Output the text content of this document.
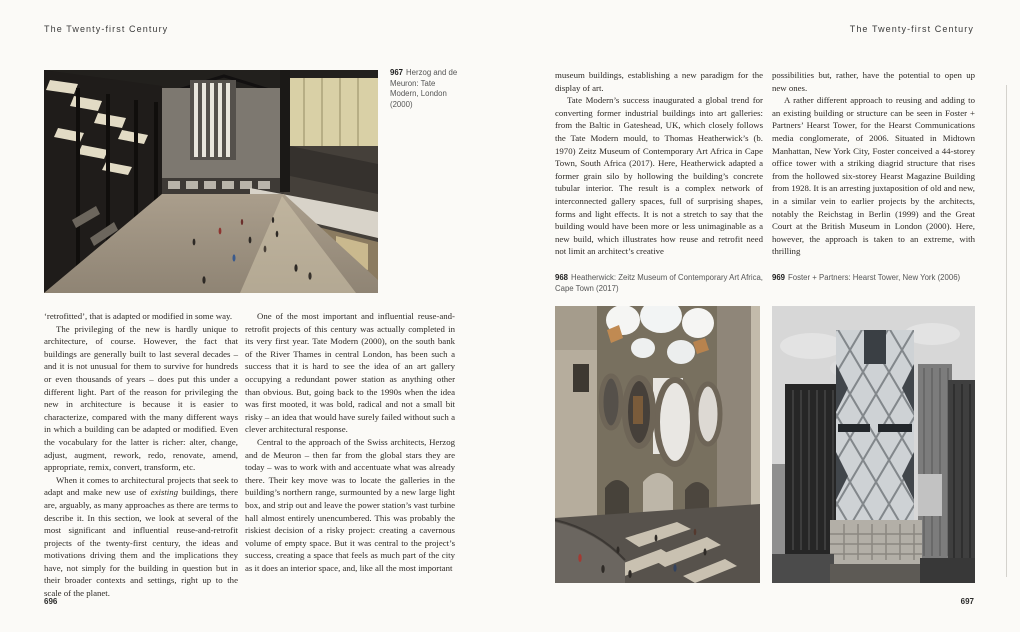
The Twenty-first Century	The Twenty-first Century
967 Herzog and de Meuron: Tate Modern, London (2000)

‘retrofitted’, that is adapted or modified in some way.

The privileging of the new is hardly unique to architecture, of course. However, the fact that buildings are generally built to last several decades – and it is not unusual for them to survive for hundreds or even thousands of years – does put this under a different light. Part of the reason for privileging the new in architecture is because it is easier to characterize, compared with the many different ways in which a building can be adapted or modified. Even the vocabulary for the latter is richer: alter, change, adjust, augment, rework, redo, renovate, amend, appropriate, remix, convert, transform, etc.

When it comes to architectural projects that seek to adapt and make new use of existing buildings, there are, arguably, as many approaches as there are terms to describe it. In this section, we look at several of the most significant and influential reuse-and-retrofit projects of the twenty-first century, the ideas and motivations driving them and the implications they have, not simply for the building in question but in their broader contexts and settings, right up to the scale of the planet.

One of the most important and influential reuse-and-retrofit projects of this century was actually completed in its very first year. Tate Modern (2000), on the south bank of the River Thames in central London, has been such a success that it is hard to see the idea of an art gallery occupying a redundant power station as anything other than obvious. But, going back to the 1990s when the idea was first mooted, it was bold, radical and not a small bit risky – an idea that would have surely failed without such a clever architectural response.

Central to the approach of the Swiss architects, Herzog and de Meuron – then far from the global stars they are today – was to work with and accentuate what was already there. Their key move was to locate the galleries in the building’s northern range, surmounted by a new large light box, and strip out and leave the power station’s vast turbine hall almost entirely unencumbered. This was probably the riskiest decision of a risky project: creating a cavernous volume of empty space. But it was central to the project’s success, creating a space that feels as much part of the city as it does an interior space, and, like all the most important

museum buildings, establishing a new paradigm for the display of art.

Tate Modern’s success inaugurated a global trend for converting former industrial buildings into art galleries: from the Baltic in Gateshead, UK, which closely follows the Tate Modern mould, to Thomas Heatherwick’s (b. 1970) Zeitz Museum of Contemporary Art Africa in Cape Town, South Africa (2017). Here, Heatherwick adapted a former grain silo by hollowing the building’s concrete tubular interior. The result is a complex network of interconnected gallery spaces, full of surprising shapes, forms and light effects. It is not a stretch to say that the building would have been more or less unimaginable as a new build, which illustrates how reuse and retrofit need not limit an architect’s creative

possibilities but, rather, have the potential to open up new ones.

A rather different approach to reusing and adding to an existing building or structure can be seen in Foster + Partners’ Hearst Tower, for the Hearst Communications media conglomerate, of 2006. Situated in Midtown Manhattan, New York City, Foster conceived a 44-storey office tower with a striking diagrid structure that rises from the hollowed six-storey Hearst Magazine Building from 1928. It is an arresting juxtaposition of old and new, in a similar vein to earlier projects by the architects, notably the Reichstag in Berlin (1999) and the Great Court at the British Museum in London (2000). Here, however, the approach is taken to an extreme, with thrilling

968 Heatherwick: Zeitz Museum of Contemporary Art Africa, Cape Town (2017)
969 Foster + Partners: Hearst Tower, New York (2006)
696	697
